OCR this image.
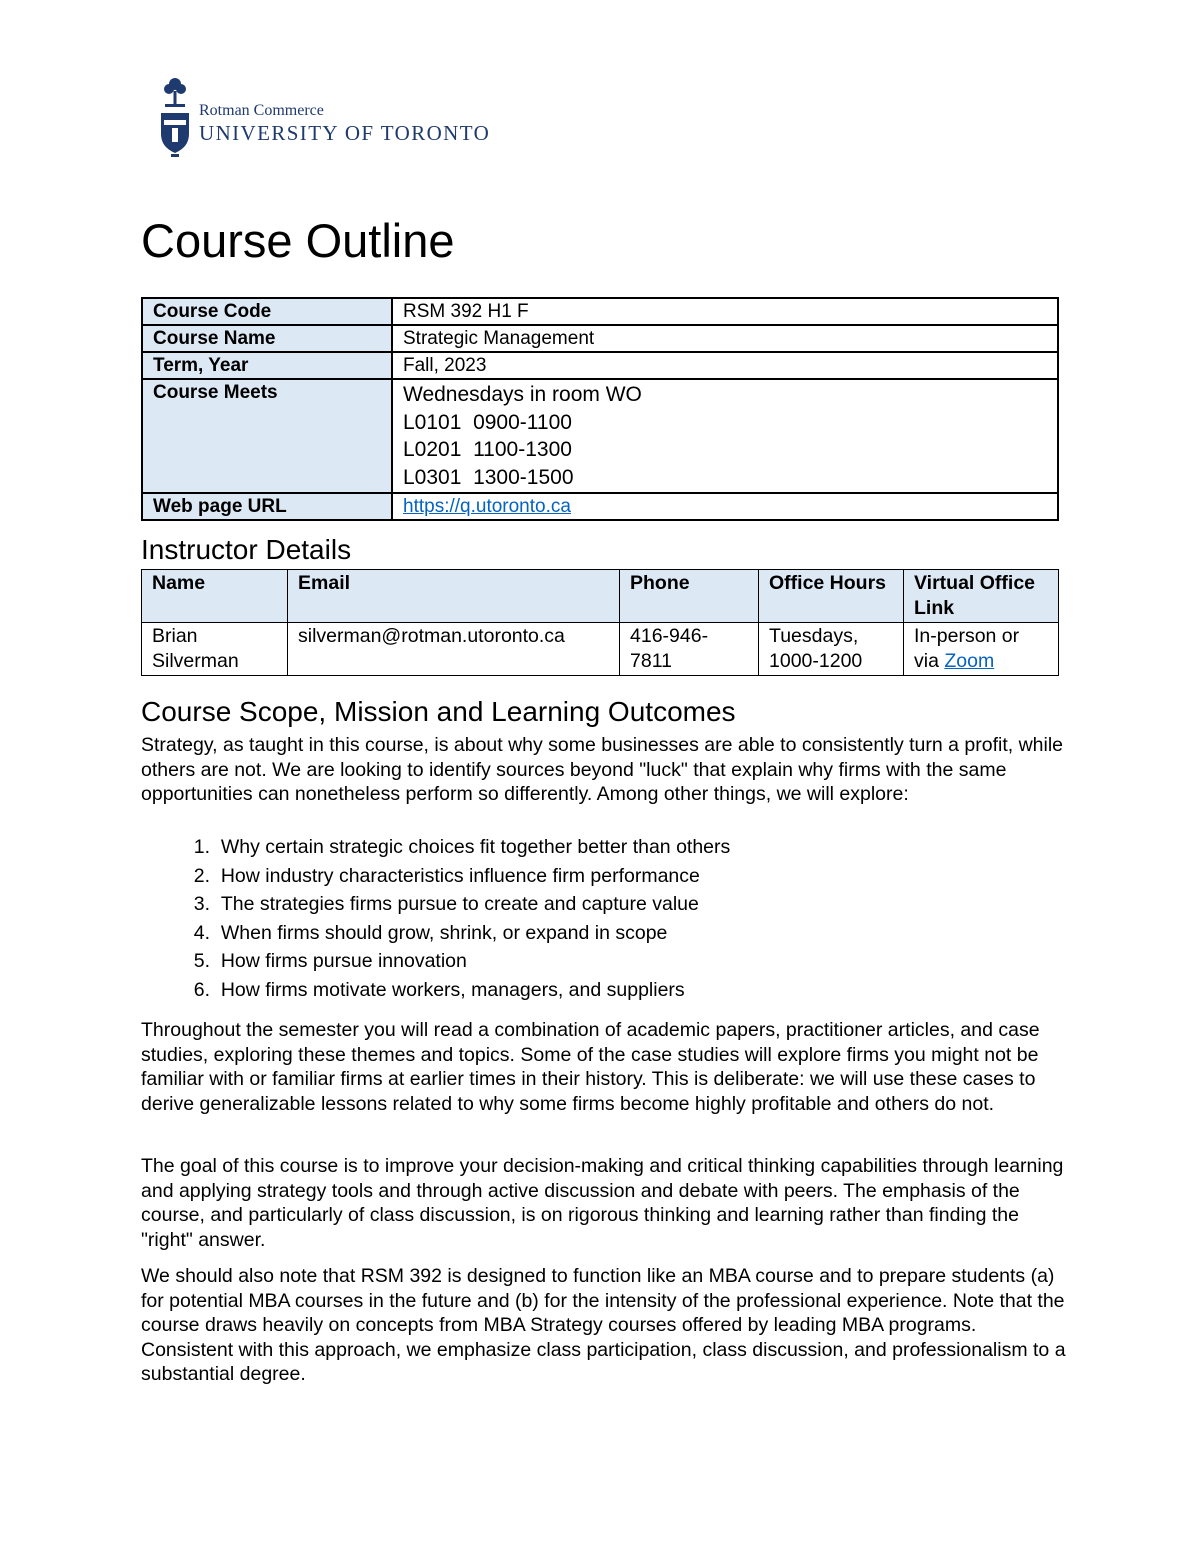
Rotman Commerce
UNIVERSITY OF TORONTO
Course Outline
Course Code	RSM 392 H1 F
Course Name	Strategic Management
Term, Year	Fall, 2023
Course Meets	Wednesdays in room WO
L0101  0900-1100
L0201  1100-1300
L0301  1300-1500

Web page URL	https://q.utoronto.ca
Instructor Details
Name	Email	Phone	Office Hours	Virtual Office Link
Brian Silverman	silverman@rotman.utoronto.ca	416-946-7811	Tuesdays, 1000-1200	In-person or via Zoom
Course Scope, Mission and Learning Outcomes

Strategy, as taught in this course, is about why some businesses are able to consistently turn a profit, while others are not. We are looking to identify sources beyond "luck" that explain why firms with the same opportunities can nonetheless perform so differently. Among other things, we will explore:

1. Why certain strategic choices fit together better than others
2. How industry characteristics influence firm performance
3. The strategies firms pursue to create and capture value
4. When firms should grow, shrink, or expand in scope
5. How firms pursue innovation
6. How firms motivate workers, managers, and suppliers

Throughout the semester you will read a combination of academic papers, practitioner articles, and case studies, exploring these themes and topics. Some of the case studies will explore firms you might not be familiar with or familiar firms at earlier times in their history. This is deliberate: we will use these cases to derive generalizable lessons related to why some firms become highly profitable and others do not.

The goal of this course is to improve your decision-making and critical thinking capabilities through learning and applying strategy tools and through active discussion and debate with peers. The emphasis of the course, and particularly of class discussion, is on rigorous thinking and learning rather than finding the "right" answer.

We should also note that RSM 392 is designed to function like an MBA course and to prepare students (a) for potential MBA courses in the future and (b) for the intensity of the professional experience. Note that the course draws heavily on concepts from MBA Strategy courses offered by leading MBA programs. Consistent with this approach, we emphasize class participation, class discussion, and professionalism to a substantial degree.
